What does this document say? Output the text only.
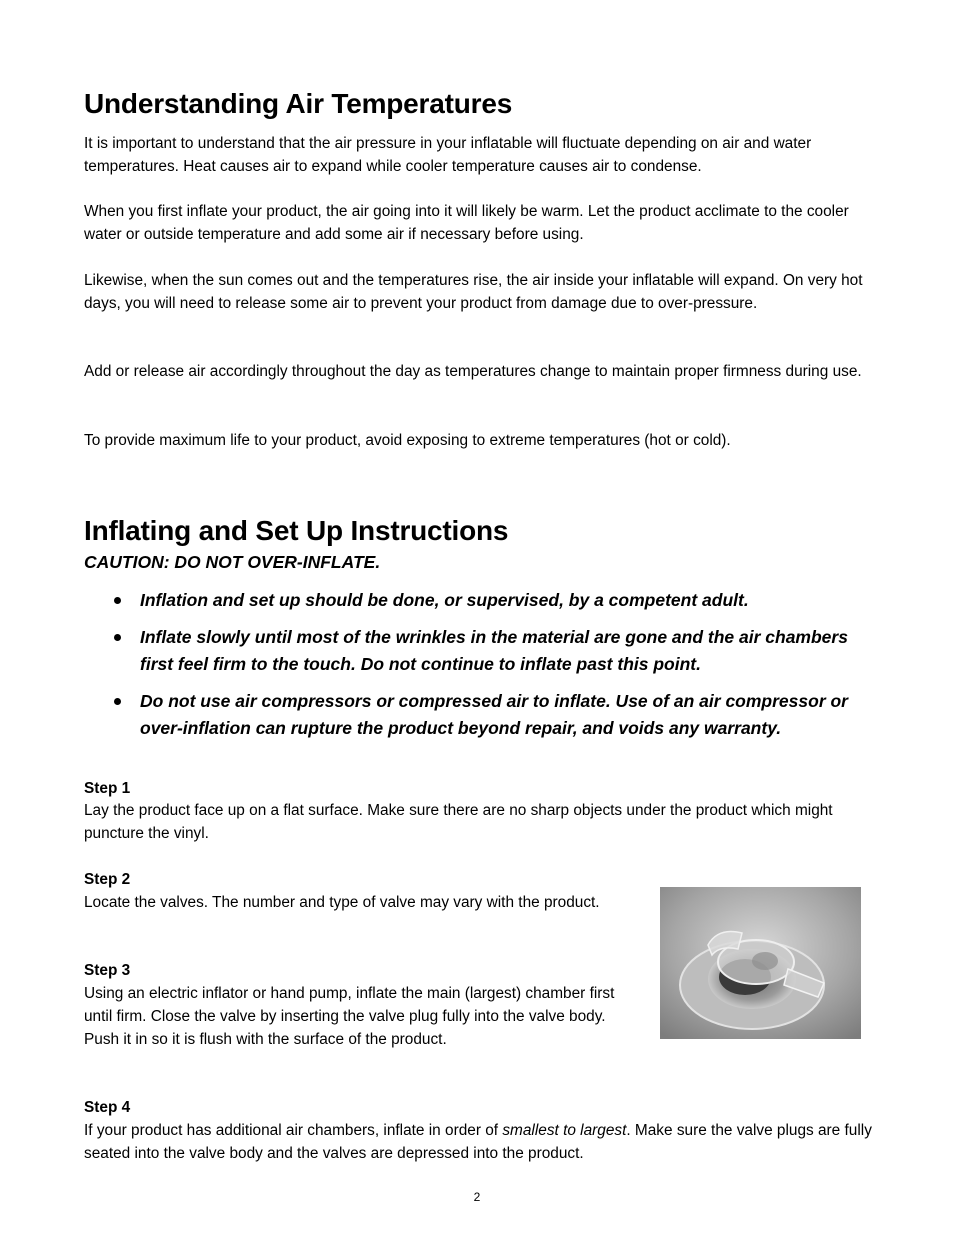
Understanding Air Temperatures

It is important to understand that the air pressure in your inflatable will fluctuate depending on air and water temperatures. Heat causes air to expand while cooler temperature causes air to condense.

When you first inflate your product, the air going into it will likely be warm. Let the product acclimate to the cooler water or outside temperature and add some air if necessary before using.

Likewise, when the sun comes out and the temperatures rise, the air inside your inflatable will expand. On very hot days, you will need to release some air to prevent your product from damage due to over-pressure.

Add or release air accordingly throughout the day as temperatures change to maintain proper firmness during use.

To provide maximum life to your product, avoid exposing to extreme temperatures (hot or cold).

Inflating and Set Up Instructions
CAUTION: DO NOT OVER-INFLATE.
Inflation and set up should be done, or supervised, by a competent adult.
Inflate slowly until most of the wrinkles in the material are gone and the air chambers first feel firm to the touch. Do not continue to inflate past this point.
Do not use air compressors or compressed air to inflate. Use of an air compressor or over-inflation can rupture the product beyond repair, and voids any warranty.
Step 1

Lay the product face up on a flat surface. Make sure there are no sharp objects under the product which might puncture the vinyl.

Step 2

Locate the valves. The number and type of valve may vary with the product.

Step 3

Using an electric inflator or hand pump, inflate the main (largest) chamber first until firm. Close the valve by inserting the valve plug fully into the valve body. Push it in so it is flush with the surface of the product.

Step 4

If your product has additional air chambers, inflate in order of smallest to largest. Make sure the valve plugs are fully seated into the valve body and the valves are depressed into the product.

2
